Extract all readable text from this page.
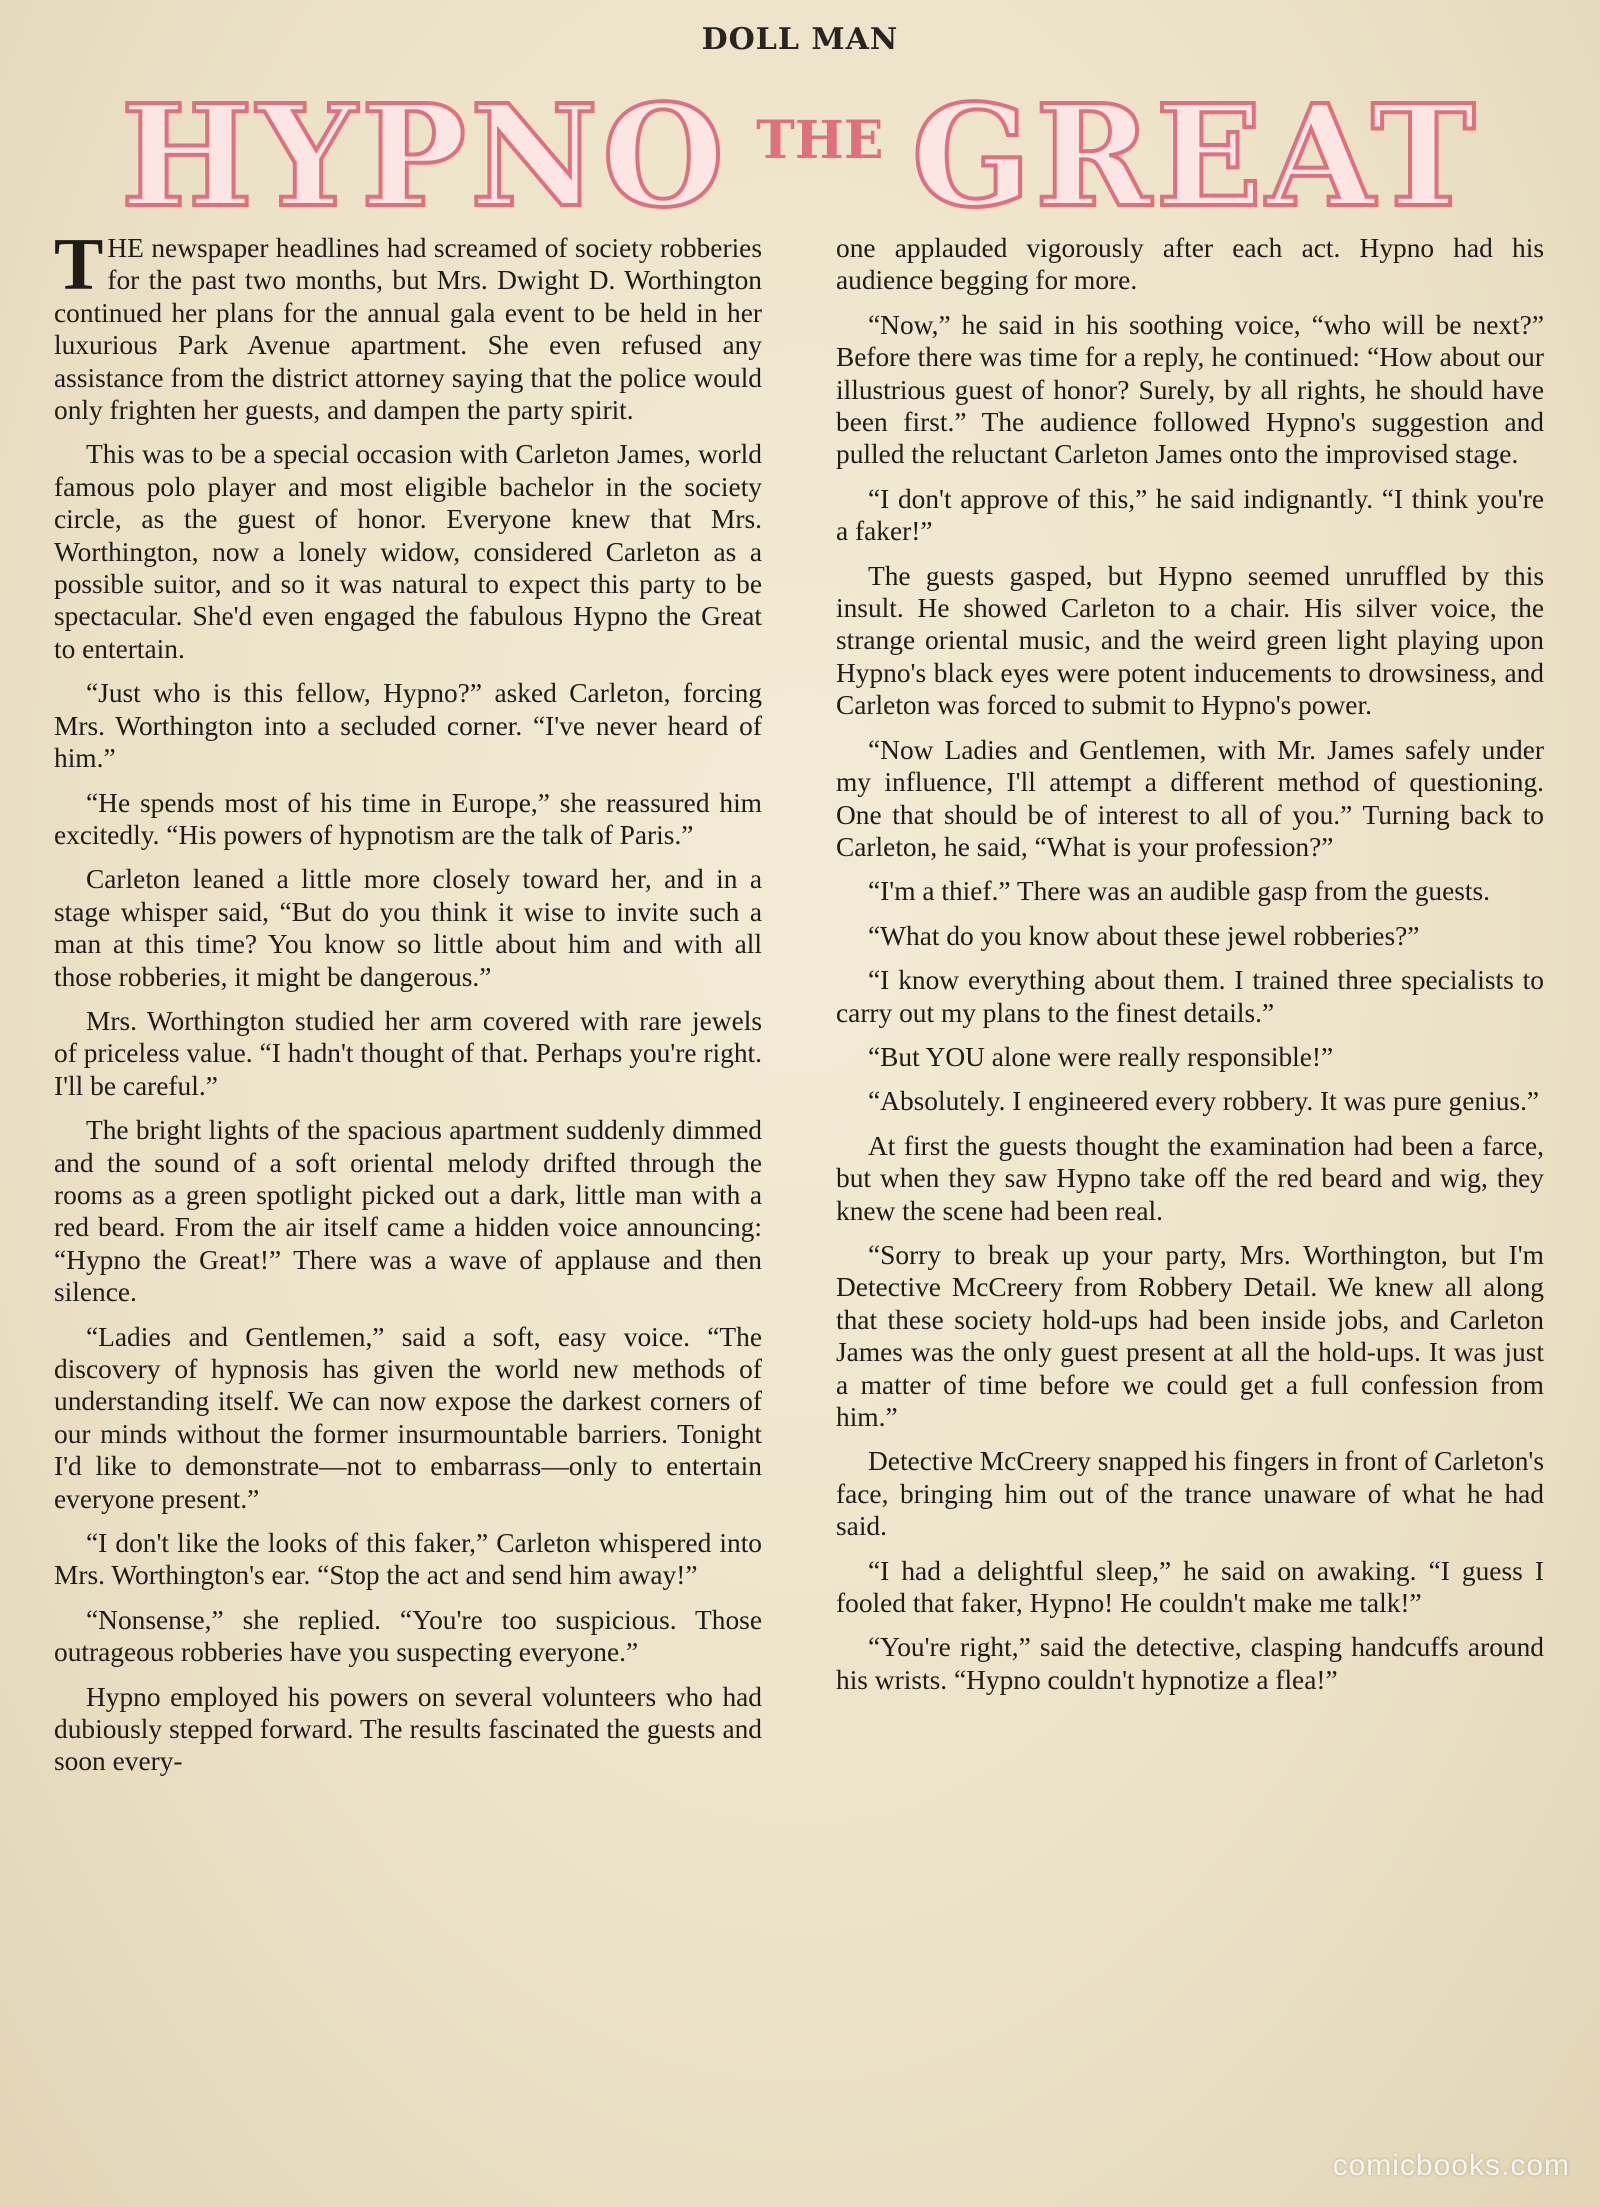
DOLL MAN
HYPNO THE GREAT

THE newspaper headlines had screamed of society robberies for the past two months, but Mrs. Dwight D. Worthington continued her plans for the annual gala event to be held in her luxurious Park Avenue apartment. She even refused any assistance from the district attorney saying that the police would only frighten her guests, and dampen the party spirit.

This was to be a special occasion with Carleton James, world famous polo player and most eligible bachelor in the society circle, as the guest of honor. Everyone knew that Mrs. Worthington, now a lonely widow, considered Carleton as a possible suitor, and so it was natural to expect this party to be spectacular. She'd even engaged the fabulous Hypno the Great to entertain.

“Just who is this fellow, Hypno?” asked Carleton, forcing Mrs. Worthington into a secluded corner. “I've never heard of him.”

“He spends most of his time in Europe,” she reassured him excitedly. “His powers of hypnotism are the talk of Paris.”

Carleton leaned a little more closely toward her, and in a stage whisper said, “But do you think it wise to invite such a man at this time? You know so little about him and with all those robberies, it might be dangerous.”

Mrs. Worthington studied her arm covered with rare jewels of priceless value. “I hadn't thought of that. Perhaps you're right. I'll be careful.”

The bright lights of the spacious apartment suddenly dimmed and the sound of a soft oriental melody drifted through the rooms as a green spotlight picked out a dark, little man with a red beard. From the air itself came a hidden voice announcing: “Hypno the Great!” There was a wave of applause and then silence.

“Ladies and Gentlemen,” said a soft, easy voice. “The discovery of hypnosis has given the world new methods of understanding itself. We can now expose the darkest corners of our minds without the former insurmountable barriers. Tonight I'd like to demonstrate—not to embarrass—only to entertain everyone present.”

“I don't like the looks of this faker,” Carleton whispered into Mrs. Worthington's ear. “Stop the act and send him away!”

“Nonsense,” she replied. “You're too suspicious. Those outrageous robberies have you suspecting everyone.”

Hypno employed his powers on several volunteers who had dubiously stepped forward. The results fascinated the guests and soon every-

one applauded vigorously after each act. Hypno had his audience begging for more.

“Now,” he said in his soothing voice, “who will be next?” Before there was time for a reply, he continued: “How about our illustrious guest of honor? Surely, by all rights, he should have been first.” The audience followed Hypno's suggestion and pulled the reluctant Carleton James onto the improvised stage.

“I don't approve of this,” he said indignantly. “I think you're a faker!”

The guests gasped, but Hypno seemed unruffled by this insult. He showed Carleton to a chair. His silver voice, the strange oriental music, and the weird green light playing upon Hypno's black eyes were potent inducements to drowsiness, and Carleton was forced to submit to Hypno's power.

“Now Ladies and Gentlemen, with Mr. James safely under my influence, I'll attempt a different method of questioning. One that should be of interest to all of you.” Turning back to Carleton, he said, “What is your profession?”

“I'm a thief.” There was an audible gasp from the guests.

“What do you know about these jewel robberies?”

“I know everything about them. I trained three specialists to carry out my plans to the finest details.”

“But YOU alone were really responsible!”

“Absolutely. I engineered every robbery. It was pure genius.”

At first the guests thought the examination had been a farce, but when they saw Hypno take off the red beard and wig, they knew the scene had been real.

“Sorry to break up your party, Mrs. Worthington, but I'm Detective McCreery from Robbery Detail. We knew all along that these society hold-ups had been inside jobs, and Carleton James was the only guest present at all the hold-ups. It was just a matter of time before we could get a full confession from him.”

Detective McCreery snapped his fingers in front of Carleton's face, bringing him out of the trance unaware of what he had said.

“I had a delightful sleep,” he said on awaking. “I guess I fooled that faker, Hypno! He couldn't make me talk!”

“You're right,” said the detective, clasping handcuffs around his wrists. “Hypno couldn't hypnotize a flea!”

comicbooks.com
